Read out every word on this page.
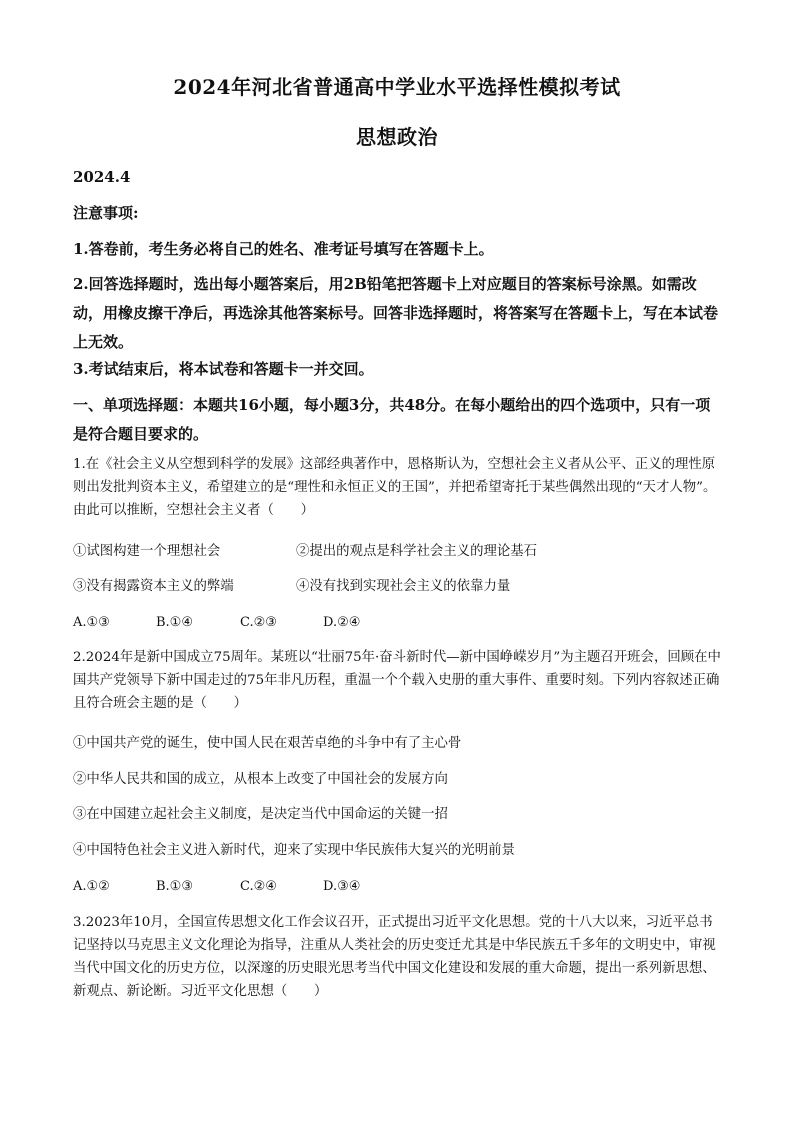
2024年河北省普通高中学业水平选择性模拟考试
思想政治
2024.4
注意事项:
1.答卷前，考生务必将自己的姓名、准考证号填写在答题卡上。
2.回答选择题时，选出每小题答案后，用2B铅笔把答题卡上对应题目的答案标号涂黑。如需改动，用橡皮擦干净后，再选涂其他答案标号。回答非选择题时，将答案写在答题卡上，写在本试卷上无效。
3.考试结束后，将本试卷和答题卡一并交回。
一、单项选择题：本题共16小题，每小题3分，共48分。在每小题给出的四个选项中，只有一项是符合题目要求的。
1.在《社会主义从空想到科学的发展》这部经典著作中，恩格斯认为，空想社会主义者从公平、正义的理性原则出发批判资本主义，希望建立的是“理性和永恒正义的王国”，并把希望寄托于某些偶然出现的“天才人物”。由此可以推断，空想社会主义者（　　）
①试图构建一个理想社会	②提出的观点是科学社会主义的理论基石
③没有揭露资本主义的弊端	④没有找到实现社会主义的依靠力量
A.①③	B.①④	C.②③	D.②④
2.2024年是新中国成立75周年。某班以“壮丽75年·奋斗新时代—新中国峥嵘岁月”为主题召开班会，回顾在中国共产党领导下新中国走过的75年非凡历程，重温一个个载入史册的重大事件、重要时刻。下列内容叙述正确且符合班会主题的是（　　）
①中国共产党的诞生，使中国人民在艰苦卓绝的斗争中有了主心骨
②中华人民共和国的成立，从根本上改变了中国社会的发展方向
③在中国建立起社会主义制度，是决定当代中国命运的关键一招
④中国特色社会主义进入新时代，迎来了实现中华民族伟大复兴的光明前景
A.①②	B.①③	C.②④	D.③④
3.2023年10月，全国宣传思想文化工作会议召开，正式提出习近平文化思想。党的十八大以来，习近平总书记坚持以马克思主义文化理论为指导，注重从人类社会的历史变迁尤其是中华民族五千多年的文明史中，审视当代中国文化的历史方位，以深邃的历史眼光思考当代中国文化建设和发展的重大命题，提出一系列新思想、新观点、新论断。习近平文化思想（　　）
